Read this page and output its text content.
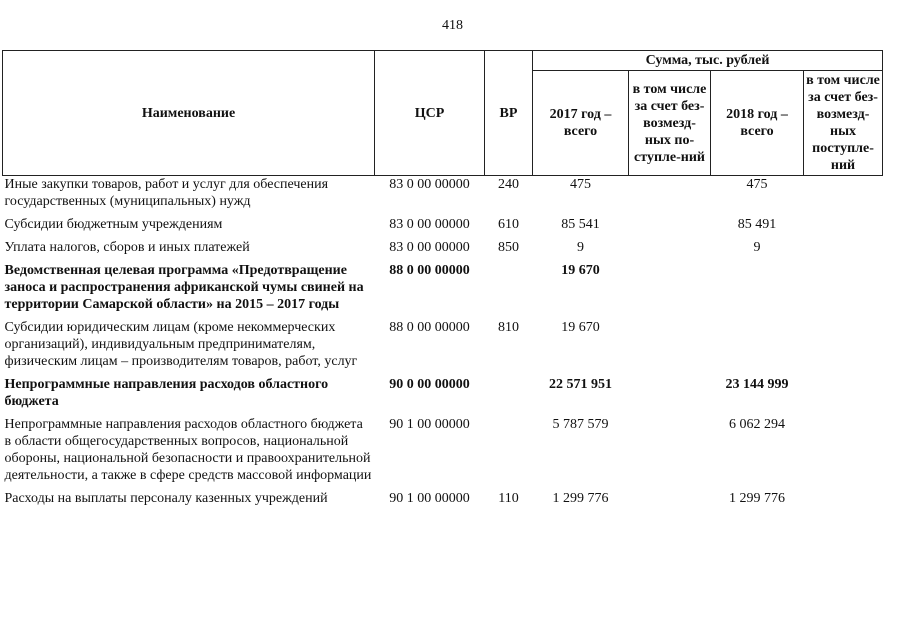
418
Наименование	ЦСР	ВР	Сумма, тыс. рублей			
			2017 год – всего	в том числе за счет без-возмезд-ных по-ступле-ний	2018 год – всего	в том числе за счет без-возмезд-ных поступле-ний
Иные закупки товаров, работ и услуг для обеспечения государственных (муниципальных) нужд	83 0 00 00000	240	475		475	
Субсидии бюджетным учреждениям	83 0 00 00000	610	85 541		85 491	
Уплата налогов, сборов и иных платежей	83 0 00 00000	850	9		9	
Ведомственная целевая программа «Предотвращение заноса и распространения африканской чумы свиней на территории Самарской области» на 2015 – 2017 годы	88 0 00 00000		19 670			
Субсидии юридическим лицам (кроме некоммерческих организаций), индивидуальным предпринимателям, физическим лицам – производителям товаров, работ, услуг	88 0 00 00000	810	19 670			
Непрограммные направления расходов областного бюджета	90 0 00 00000		22 571 951		23 144 999	
Непрограммные направления расходов областного бюджета в области общегосударственных вопросов, национальной обороны, национальной безопасности и правоохранительной деятельности, а также в сфере средств массовой информации	90 1 00 00000		5 787 579		6 062 294	
Расходы на выплаты персоналу казенных учреждений	90 1 00 00000	110	1 299 776		1 299 776	
